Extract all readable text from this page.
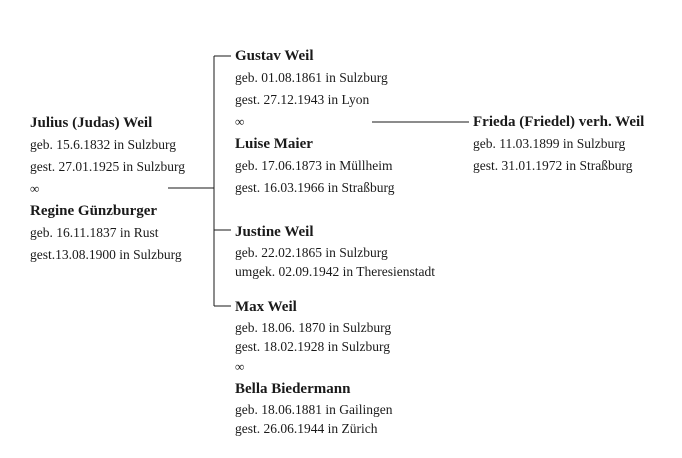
Julius (Judas) Weil
geb. 15.6.1832 in Sulzburg
gest. 27.01.1925 in Sulzburg
∞
Regine Günzburger
geb. 16.11.1837 in Rust
gest.13.08.1900 in Sulzburg
Gustav Weil
geb. 01.08.1861 in Sulzburg
gest. 27.12.1943 in Lyon
∞
Luise Maier
geb. 17.06.1873 in Müllheim
gest. 16.03.1966 in Straßburg
Justine Weil
geb. 22.02.1865 in Sulzburg
umgek. 02.09.1942 in Theresienstadt
Max Weil
geb. 18.06. 1870 in Sulzburg
gest. 18.02.1928 in Sulzburg
∞
Bella Biedermann
geb. 18.06.1881 in Gailingen
gest. 26.06.1944 in Zürich
Frieda (Friedel) verh. Weil
geb. 11.03.1899 in Sulzburg
gest. 31.01.1972 in Straßburg
